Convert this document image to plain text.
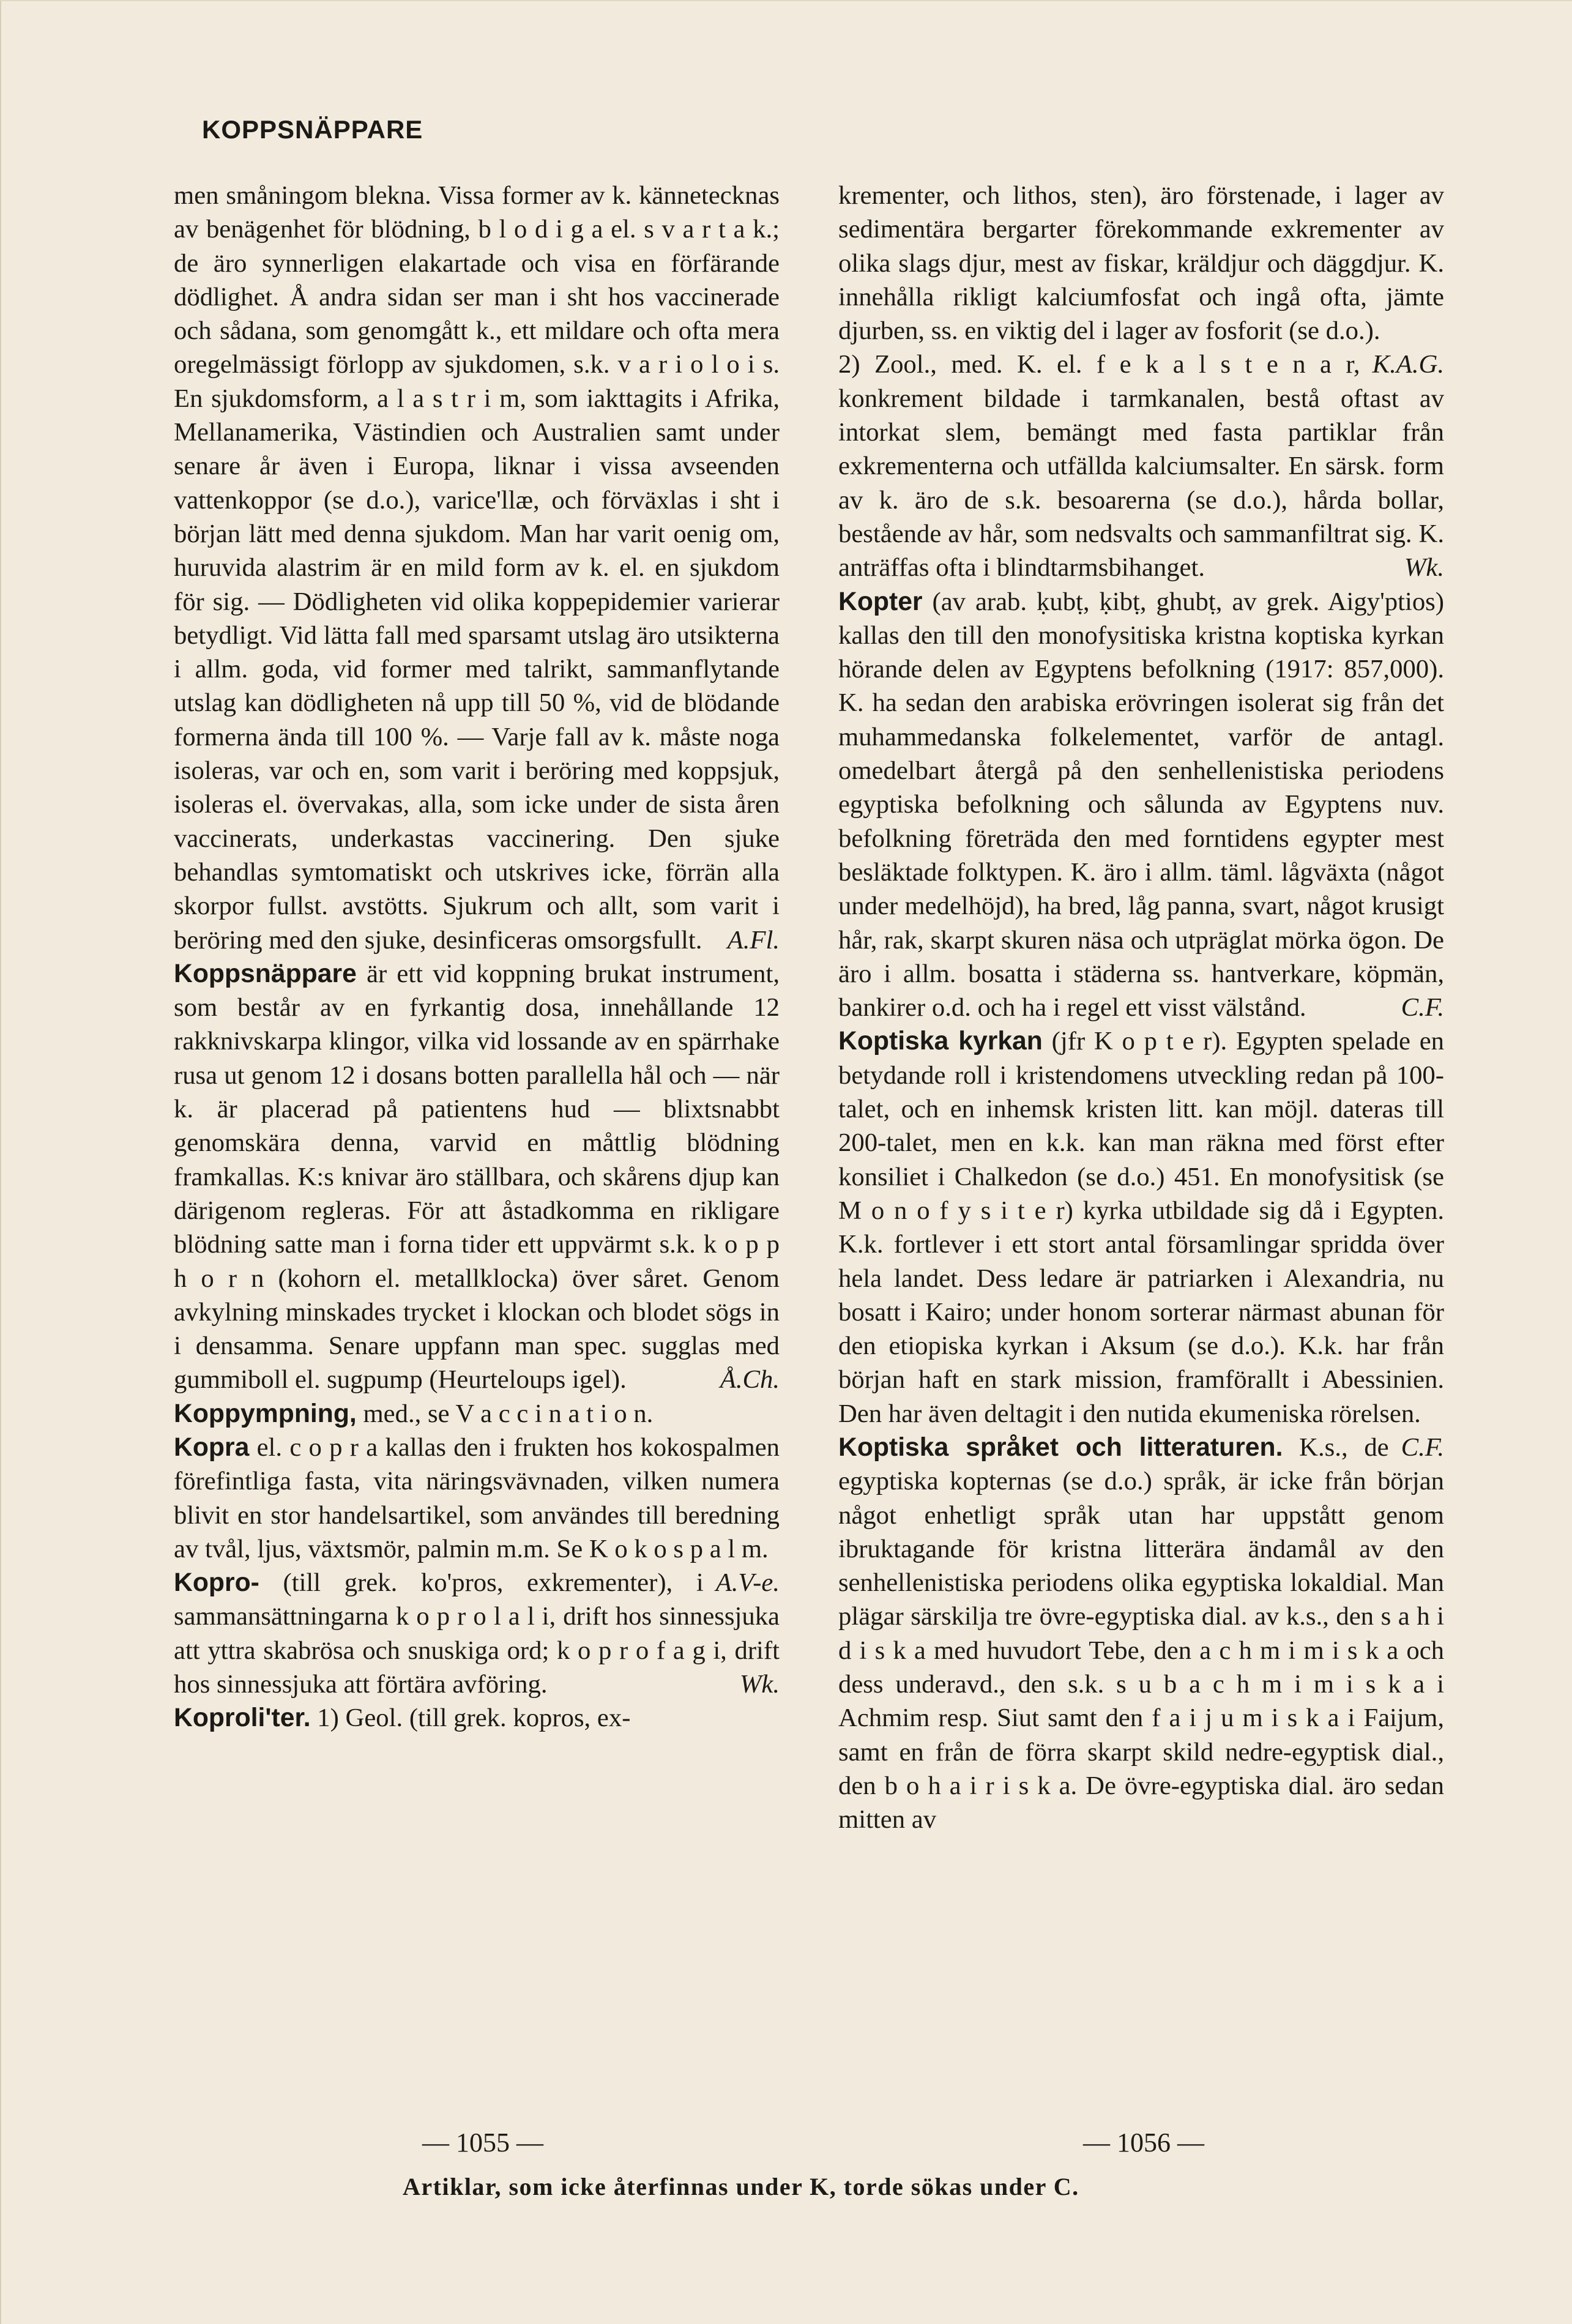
KOPPSNÄPPARE

men småningom blekna. Vissa former av k. kännetecknas av benägenhet för blödning, b l o d i g a el. s v a r t a k.; de äro synnerligen elakartade och visa en förfärande dödlighet. Å andra sidan ser man i sht hos vaccinerade och sådana, som genomgått k., ett mildare och ofta mera oregelmässigt förlopp av sjukdomen, s.k. v a r i o l o i s. En sjukdomsform, a l a s t r i m, som iakttagits i Afrika, Mellanamerika, Västindien och Australien samt under senare år även i Europa, liknar i vissa avseenden vattenkoppor (se d.o.), varice'llæ, och förväxlas i sht i början lätt med denna sjukdom. Man har varit oenig om, huruvida alastrim är en mild form av k. el. en sjukdom för sig. — Dödligheten vid olika koppepidemier varierar betydligt. Vid lätta fall med sparsamt utslag äro utsikterna i allm. goda, vid former med talrikt, sammanflytande utslag kan dödligheten nå upp till 50 %, vid de blödande formerna ända till 100 %. — Varje fall av k. måste noga isoleras, var och en, som varit i beröring med koppsjuk, isoleras el. övervakas, alla, som icke under de sista åren vaccinerats, underkastas vaccinering. Den sjuke behandlas symtomatiskt och utskrives icke, förrän alla skorpor fullst. avstötts. Sjukrum och allt, som varit i beröring med den sjuke, desinficeras omsorgsfullt. A.Fl.

Koppsnäppare är ett vid koppning brukat instrument, som består av en fyrkantig dosa, innehållande 12 rakknivskarpa klingor, vilka vid lossande av en spärrhake rusa ut genom 12 i dosans botten parallella hål och — när k. är placerad på patientens hud — blixtsnabbt genomskära denna, varvid en måttlig blödning framkallas. K:s knivar äro ställbara, och skårens djup kan därigenom regleras. För att åstadkomma en rikligare blödning satte man i forna tider ett uppvärmt s.k. k o p p h o r n (kohorn el. metallklocka) över såret. Genom avkylning minskades trycket i klockan och blodet sögs in i densamma. Senare uppfann man spec. sugglas med gummiboll el. sugpump (Heurteloups igel).	Å.Ch.

Koppympning, med., se V a c c i n a t i o n.

Kopra el. c o p r a kallas den i frukten hos kokospalmen förefintliga fasta, vita näringsvävnaden, vilken numera blivit en stor handelsartikel, som användes till beredning av tvål, ljus, växtsmör, palmin m.m. Se K o k o s p a l m.
A.V-e.

Kopro- (till grek. ko'pros, exkrementer), i sammansättningarna k o p r o l a l i, drift hos sinnessjuka att yttra skabrösa och snuskiga ord; k o p r o f a g i, drift hos sinnessjuka att förtära avföring.	Wk.

Koproli'ter. 1) Geol. (till grek. kopros, ex-

krementer, och lithos, sten), äro förstenade, i lager av sedimentära bergarter förekommande exkrementer av olika slags djur, mest av fiskar, kräldjur och däggdjur. K. innehålla rikligt kalciumfosfat och ingå ofta, jämte djurben, ss. en viktig del i lager av fosforit (se d.o.).
K.A.G.

2) Zool., med. K. el. f e k a l s t e n a r, konkrement bildade i tarmkanalen, bestå oftast av intorkat slem, bemängt med fasta partiklar från exkrementerna och utfällda kalciumsalter. En särsk. form av k. äro de s.k. besoarerna (se d.o.), hårda bollar, bestående av hår, som nedsvalts och sammanfiltrat sig. K. anträffas ofta i blindtarmsbihanget.	Wk.

Kopter (av arab. ḳubṭ, ḳibṭ, ghubṭ, av grek. Aigy'ptios) kallas den till den monofysitiska kristna koptiska kyrkan hörande delen av Egyptens befolkning (1917: 857,000). K. ha sedan den arabiska erövringen isolerat sig från det muhammedanska folkelementet, varför de antagl. omedelbart återgå på den senhellenistiska periodens egyptiska befolkning och sålunda av Egyptens nuv. befolkning företräda den med forntidens egypter mest besläktade folktypen. K. äro i allm. täml. lågväxta (något under medelhöjd), ha bred, låg panna, svart, något krusigt hår, rak, skarpt skuren näsa och utpräglat mörka ögon. De äro i allm. bosatta i städerna ss. hantverkare, köpmän, bankirer o.d. och ha i regel ett visst välstånd.	C.F.

Koptiska kyrkan (jfr K o p t e r). Egypten spelade en betydande roll i kristendomens utveckling redan på 100-talet, och en inhemsk kristen litt. kan möjl. dateras till 200-talet, men en k.k. kan man räkna med först efter konsiliet i Chalkedon (se d.o.) 451. En monofysitisk (se M o n o f y s i t e r) kyrka utbildade sig då i Egypten. K.k. fortlever i ett stort antal församlingar spridda över hela landet. Dess ledare är patriarken i Alexandria, nu bosatt i Kairo; under honom sorterar närmast abunan för den etiopiska kyrkan i Aksum (se d.o.). K.k. har från början haft en stark mission, framförallt i Abessinien. Den har även deltagit i den nutida ekumeniska rörelsen.
C.F.

Koptiska språket och litteraturen. K.s., de egyptiska kopternas (se d.o.) språk, är icke från början något enhetligt språk utan har uppstått genom ibruktagande för kristna litterära ändamål av den senhellenistiska periodens olika egyptiska lokaldial. Man plägar särskilja tre övre-egyptiska dial. av k.s., den s a h i d i s k a med huvudort Tebe, den a c h m i m i s k a och dess underavd., den s.k. s u b a c h m i m i s k a i Achmim resp. Siut samt den f a i j u m i s k a i Faijum, samt en från de förra skarpt skild nedre-egyptisk dial., den b o h a i r i s k a. De övre-egyptiska dial. äro sedan mitten av

— 1055 —	— 1056 —
Artiklar, som icke återfinnas under K, torde sökas under C.
